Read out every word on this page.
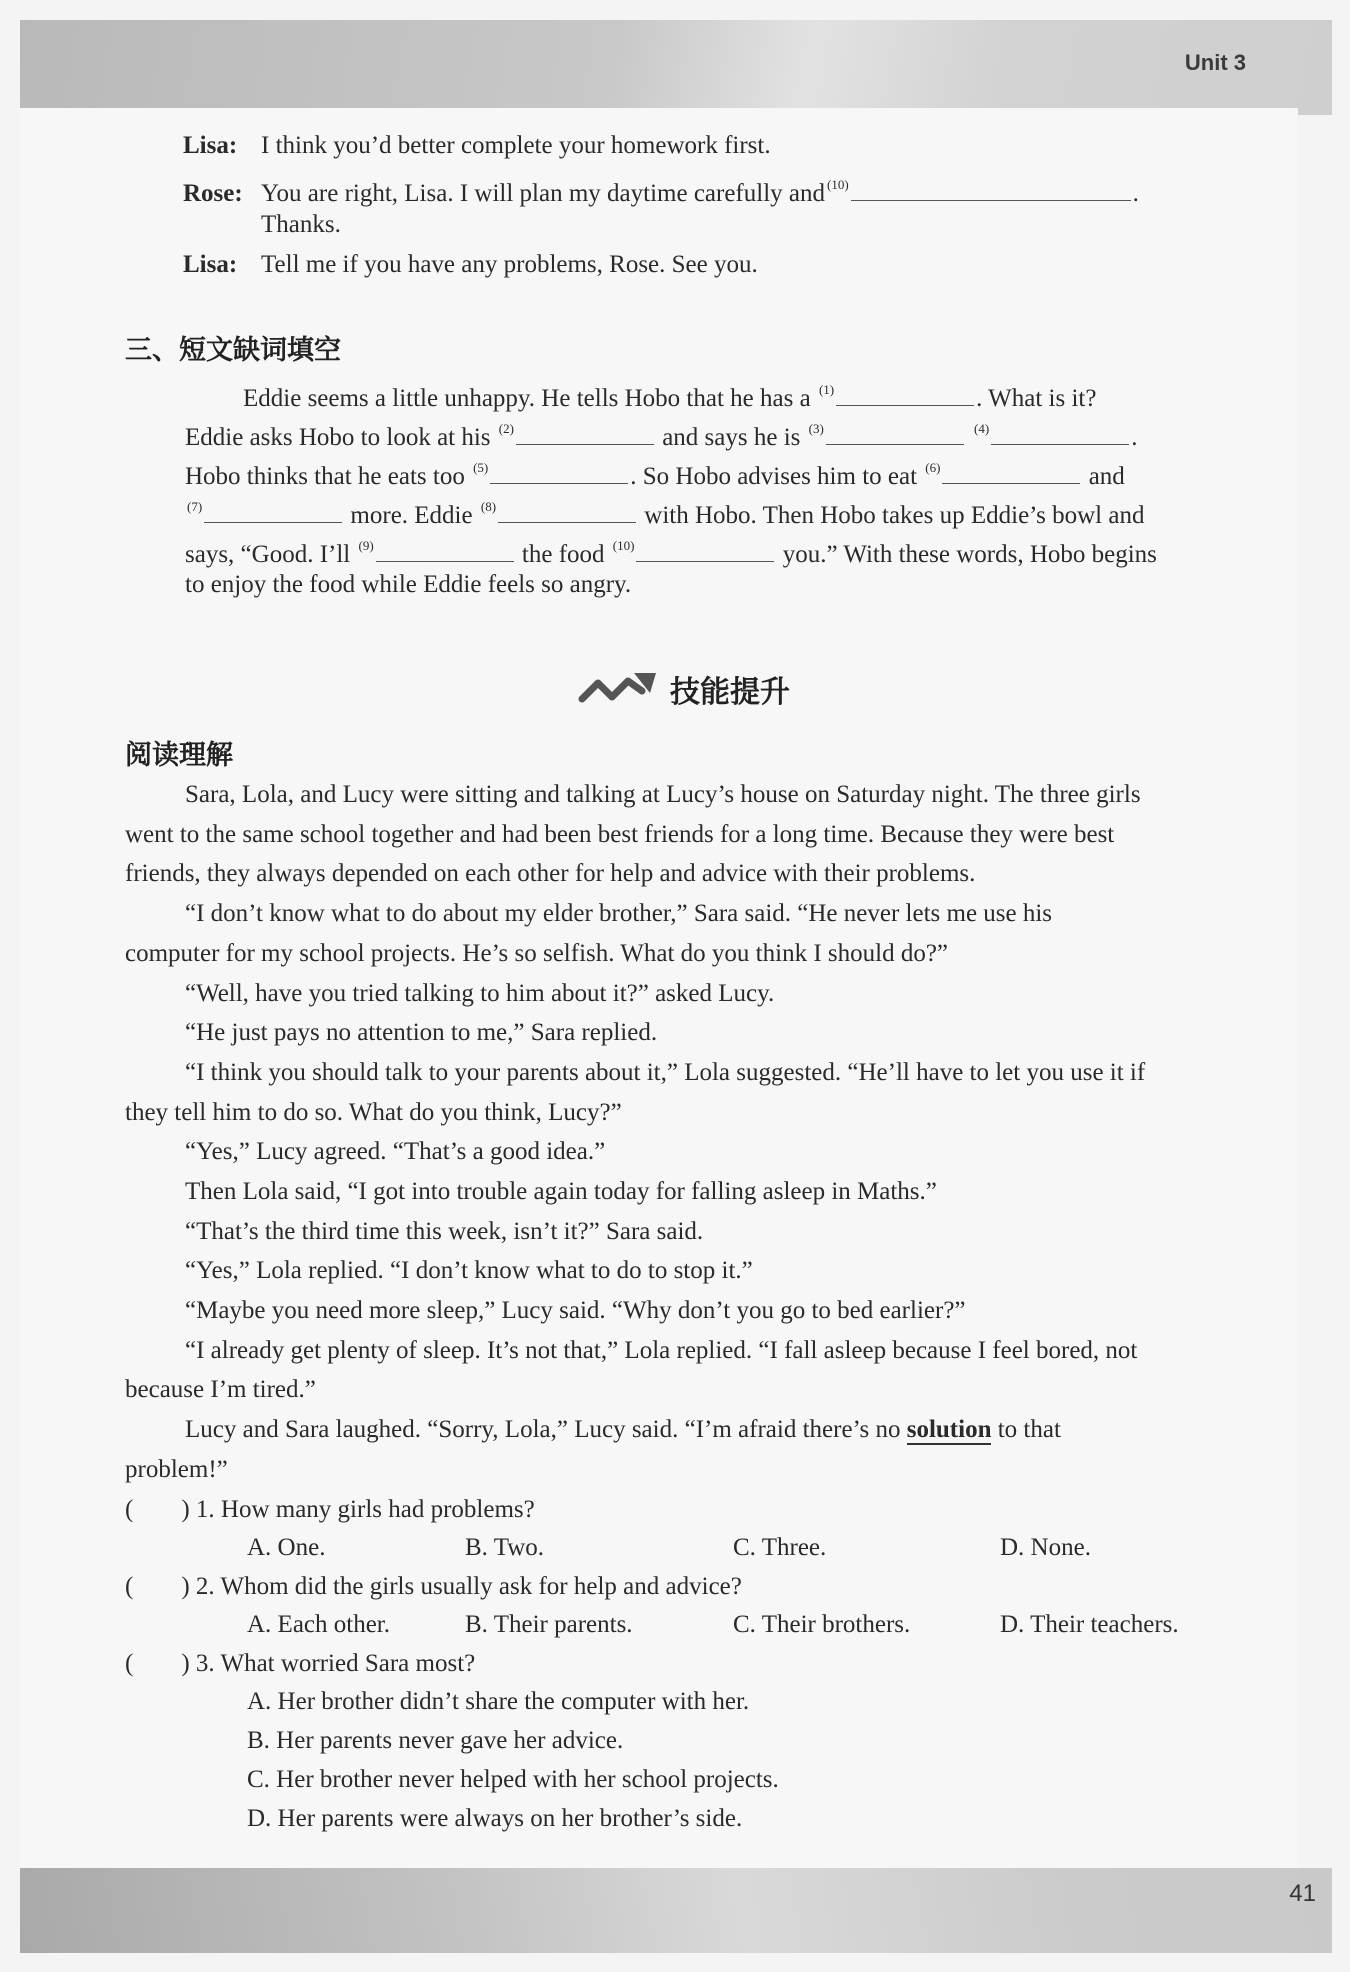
Unit 3
41
Lisa: I think you’d better complete your homework first.
Rose: You are right, Lisa. I will plan my daytime carefully and $^{(10)}$	.
Thanks.
Lisa: Tell me if you have any problems, Rose. See you.
三、短文缺词填空
Eddie seems a little unhappy. He tells Hobo that he has a $^{(1)}$	. What is it?
Eddie asks Hobo to look at his $^{(2)}$	and says he is $^{(3)}$	$^{(4)}$	.
Hobo thinks that he eats too $^{(5)}$	. So Hobo advises him to eat $^{(6)}$	and
$^{(7)}$	more. Eddie $^{(8)}$	with Hobo. Then Hobo takes up Eddie’s bowl and
says, “Good. I’ll $^{(9)}$	the food $^{(10)}$	you.” With these words, Hobo begins
to enjoy the food while Eddie feels so angry.
技能提升
阅读理解
Sara, Lola, and Lucy were sitting and talking at Lucy’s house on Saturday night. The three girls
went to the same school together and had been best friends for a long time. Because they were best
friends, they always depended on each other for help and advice with their problems.
“I don’t know what to do about my elder brother,” Sara said. “He never lets me use his
computer for my school projects. He’s so selfish. What do you think I should do?”
“Well, have you tried talking to him about it?” asked Lucy.
“He just pays no attention to me,” Sara replied.
“I think you should talk to your parents about it,” Lola suggested. “He’ll have to let you use it if
they tell him to do so. What do you think, Lucy?”
“Yes,” Lucy agreed. “That’s a good idea.”
Then Lola said, “I got into trouble again today for falling asleep in Maths.”
“That’s the third time this week, isn’t it?” Sara said.
“Yes,” Lola replied. “I don’t know what to do to stop it.”
“Maybe you need more sleep,” Lucy said. “Why don’t you go to bed earlier?”
“I already get plenty of sleep. It’s not that,” Lola replied. “I fall asleep because I feel bored, not
because I’m tired.”
Lucy and Sara laughed. “Sorry, Lola,” Lucy said. “I’m afraid there’s no solution to that
problem!”
( ) 1. How many girls had problems?
A. One.	B. Two.	C. Three.	D. None.
( ) 2. Whom did the girls usually ask for help and advice?
A. Each other.	B. Their parents.	C. Their brothers.	D. Their teachers.
( ) 3. What worried Sara most?
A. Her brother didn’t share the computer with her.
B. Her parents never gave her advice.
C. Her brother never helped with her school projects.
D. Her parents were always on her brother’s side.
